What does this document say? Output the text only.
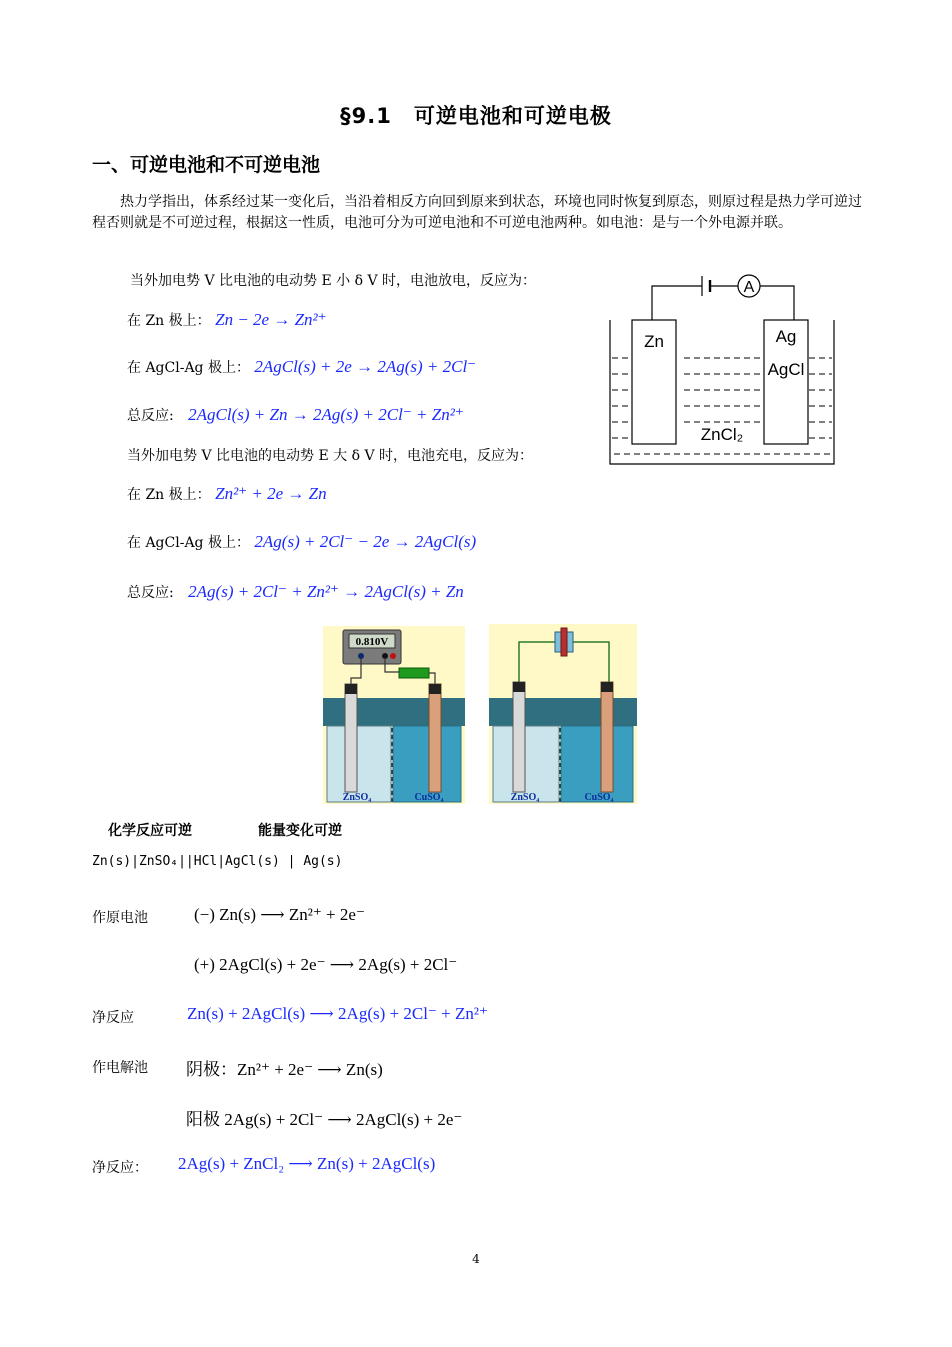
§9.1　可逆电池和可逆电极
一、可逆电池和不可逆电池
热力学指出，体系经过某一变化后，当沿着相反方向回到原来到状态，环境也同时恢复到原态，则原过程是热力学可逆过程否则就是不可逆过程，根据这一性质，电池可分为可逆电池和不可逆电池两种。如电池：是与一个外电源并联。
当外加电势 V 比电池的电动势 E 小 δ V 时，电池放电，反应为：
在 Zn 极上： Zn − 2e → Zn²⁺
在 AgCl-Ag 极上： 2AgCl(s) + 2e → 2Ag(s) + 2Cl⁻
总反应: 2AgCl(s) + Zn → 2Ag(s) + 2Cl⁻ + Zn²⁺
当外加电势 V 比电池的电动势 E 大 δ V 时，电池充电，反应为：
在 Zn 极上： Zn²⁺ + 2e → Zn
在 AgCl-Ag 极上： 2Ag(s) + 2Cl⁻ − 2e → 2AgCl(s)
总反应: 2Ag(s) + 2Cl⁻ + Zn²⁺ → 2AgCl(s) + Zn
A
Zn	Ag
AgCl
ZnCl₂
0.810V
ZnSO₄	CuSO₄	ZnSO₄	CuSO₄
化学反应可逆	能量变化可逆
Zn(s)|ZnSO₄||HCl|AgCl(s) | Ag(s)
作原电池	(−) Zn(s) ⟶ Zn²⁺ + 2e⁻
(+) 2AgCl(s) + 2e⁻ ⟶ 2Ag(s) + 2Cl⁻
净反应	Zn(s) + 2AgCl(s) ⟶ 2Ag(s) + 2Cl⁻ + Zn²⁺
作电解池 阴极：Zn²⁺ + 2e⁻ ⟶ Zn(s)
阳极 2Ag(s) + 2Cl⁻ ⟶ 2AgCl(s) + 2e⁻
净反应： 2Ag(s) + ZnCl₂ ⟶ Zn(s) + 2AgCl(s)
4
